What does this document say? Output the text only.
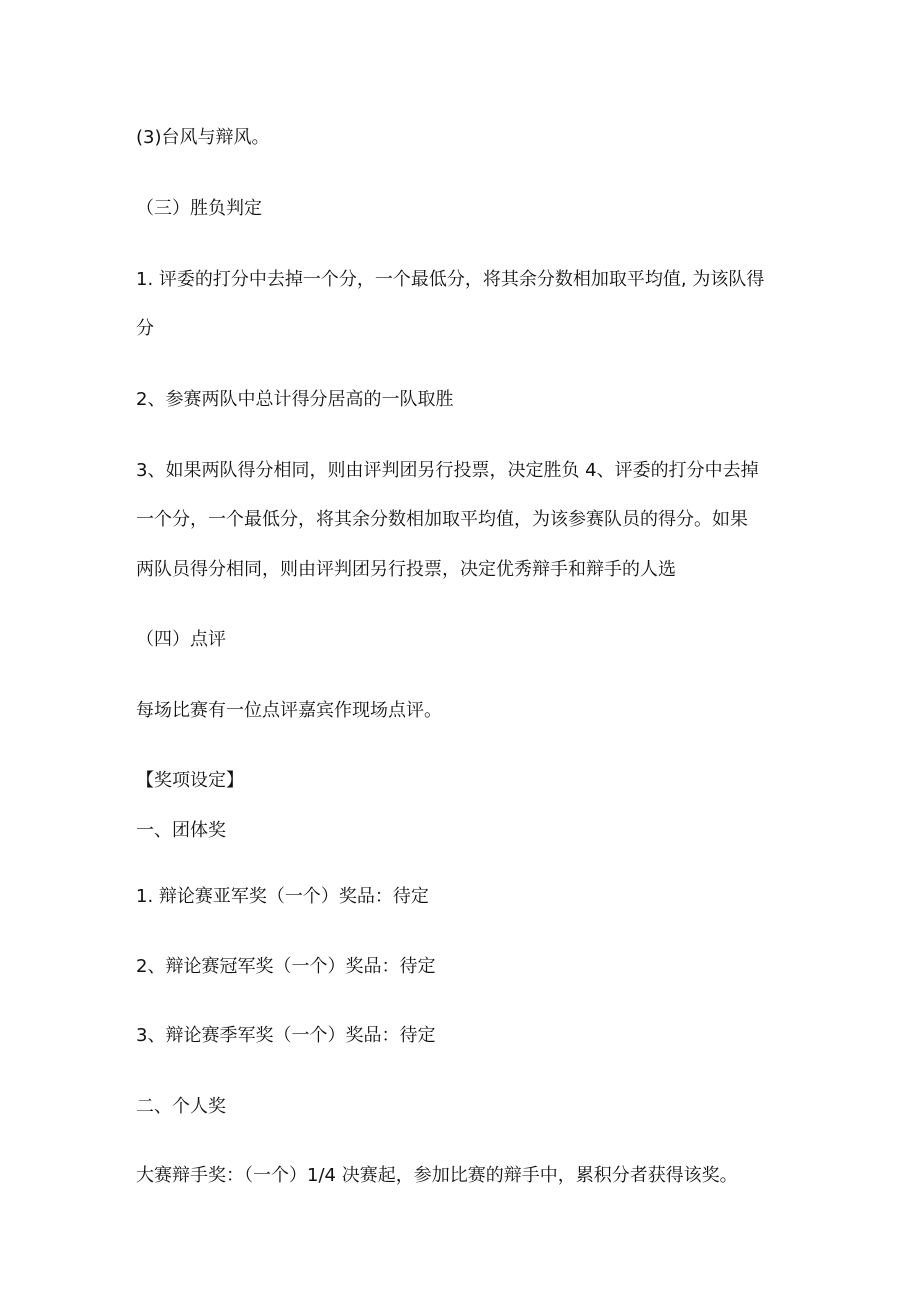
(3)台风与辩风。
（三）胜负判定
1. 评委的打分中去掉一个分，一个最低分，将其余分数相加取平均值, 为该队得
分
2、参赛两队中总计得分居高的一队取胜
3、如果两队得分相同，则由评判团另行投票，决定胜负 4、评委的打分中去掉
一个分，一个最低分，将其余分数相加取平均值，为该参赛队员的得分。如果
两队员得分相同，则由评判团另行投票，决定优秀辩手和辩手的人选
（四）点评
每场比赛有一位点评嘉宾作现场点评。
【奖项设定】
一、团体奖
1. 辩论赛亚军奖（一个）奖品：待定
2、辩论赛冠军奖（一个）奖品：待定
3、辩论赛季军奖（一个）奖品：待定
二、个人奖
大赛辩手奖：（一个）1/4 决赛起，参加比赛的辩手中，累积分者获得该奖。
